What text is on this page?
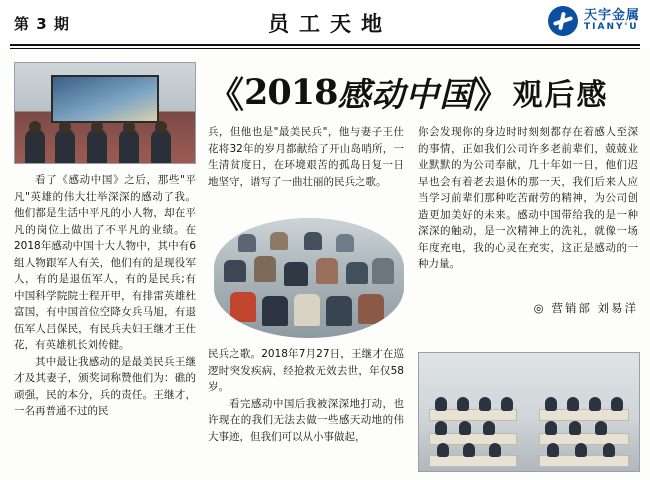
第 3 期	员工天地	天宇金属
TIANY'U
《 2018 感动中国 》 观后感

看了《感动中国》之后，那些"平凡"英雄的伟大壮举深深的感动了我。他们都是生活中平凡的小人物，却在平凡的岗位上做出了不平凡的业绩。在2018年感动中国十大人物中，其中有6组人物跟军人有关，他们有的是现役军人，有的是退伍军人，有的是民兵;有中国科学院院士程开甲，有排雷英雄杜富国，有中国首位空降女兵马旭，有退伍军人吕保民，有民兵夫妇王继才王仕花，有英雄机长刘传健。

其中最让我感动的是最美民兵王继才及其妻子，颁奖词称赞他们为：礁的顽强，民的本分，兵的责任。王继才，一名再普通不过的民

兵，但他也是"最美民兵"，他与妻子王仕花将32年的岁月都献给了开山岛哨所，一生清贫度日，在环境艰苦的孤岛日复一日地坚守，谱写了一曲壮丽的民兵之歌。

民兵之歌。2018年7月27日，王继才在巡逻时突发疾病，经抢救无效去世，年仅58岁。

看完感动中国后我被深深地打动，也许现在的我们无法去做一些感天动地的伟大事迹，但我们可以从小事做起，

你会发现你的身边时时刻刻都存在着感人至深的事情，正如我们公司许多老前辈们，兢兢业业默默的为公司奉献，几十年如一日，他们迟早也会有着老去退休的那一天，我们后来人应当学习前辈们那种吃苦耐劳的精神，为公司创造更加美好的未来。感动中国带给我的是一种深深的触动，是一次精神上的洗礼，就像一场年度充电，我的心灵在充实，这正是感动的一种力量。

◎ 营销部 刘易洋
